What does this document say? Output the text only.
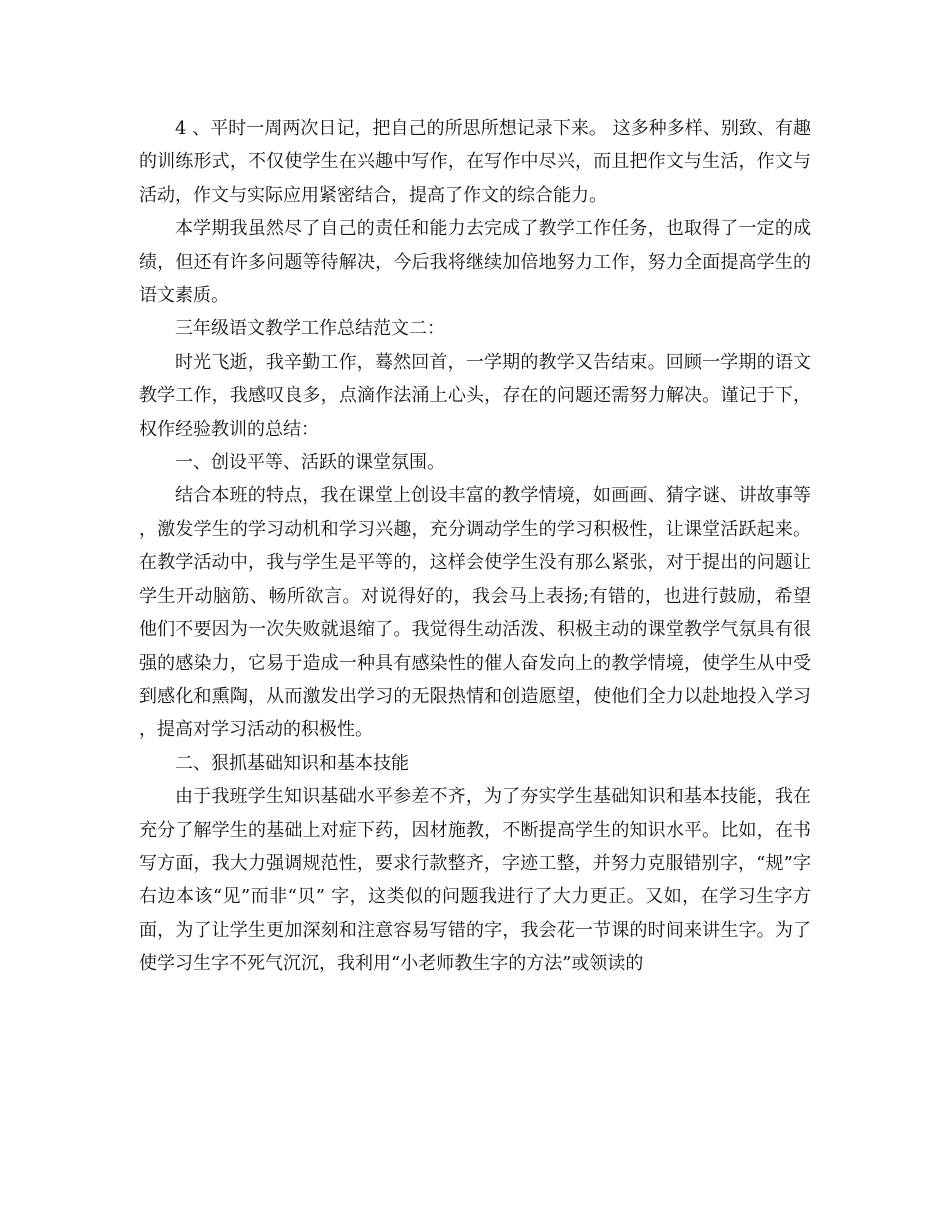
4 、平时一周两次日记，把自己的所思所想记录下来。 这多种多样、别致、有趣的训练形式，不仅使学生在兴趣中写作，在写作中尽兴，而且把作文与生活，作文与活动，作文与实际应用紧密结合，提高了作文的综合能力。

本学期我虽然尽了自己的责任和能力去完成了教学工作任务，也取得了一定的成绩，但还有许多问题等待解决，今后我将继续加倍地努力工作，努力全面提高学生的语文素质。

三年级语文教学工作总结范文二：

时光飞逝，我辛勤工作，蓦然回首，一学期的教学又告结束。回顾一学期的语文教学工作，我感叹良多，点滴作法涌上心头，存在的问题还需努力解决。谨记于下，权作经验教训的总结：

一、创设平等、活跃的课堂氛围。

结合本班的特点，我在课堂上创设丰富的教学情境，如画画、猜字谜、讲故事等，激发学生的学习动机和学习兴趣，充分调动学生的学习积极性，让课堂活跃起来。在教学活动中，我与学生是平等的，这样会使学生没有那么紧张，对于提出的问题让学生开动脑筋、畅所欲言。对说得好的，我会马上表扬;有错的，也进行鼓励，希望他们不要因为一次失败就退缩了。我觉得生动活泼、积极主动的课堂教学气氛具有很强的感染力，它易于造成一种具有感染性的催人奋发向上的教学情境，使学生从中受到感化和熏陶，从而激发出学习的无限热情和创造愿望，使他们全力以赴地投入学习，提高对学习活动的积极性。

二、狠抓基础知识和基本技能

由于我班学生知识基础水平参差不齐，为了夯实学生基础知识和基本技能，我在充分了解学生的基础上对症下药，因材施教，不断提高学生的知识水平。比如，在书写方面，我大力强调规范性，要求行款整齐，字迹工整，并努力克服错别字，“规”字右边本该“见”而非“贝” 字，这类似的问题我进行了大力更正。又如，在学习生字方面，为了让学生更加深刻和注意容易写错的字，我会花一节课的时间来讲生字。为了使学习生字不死气沉沉，我利用“小老师教生字的方法”或领读的
